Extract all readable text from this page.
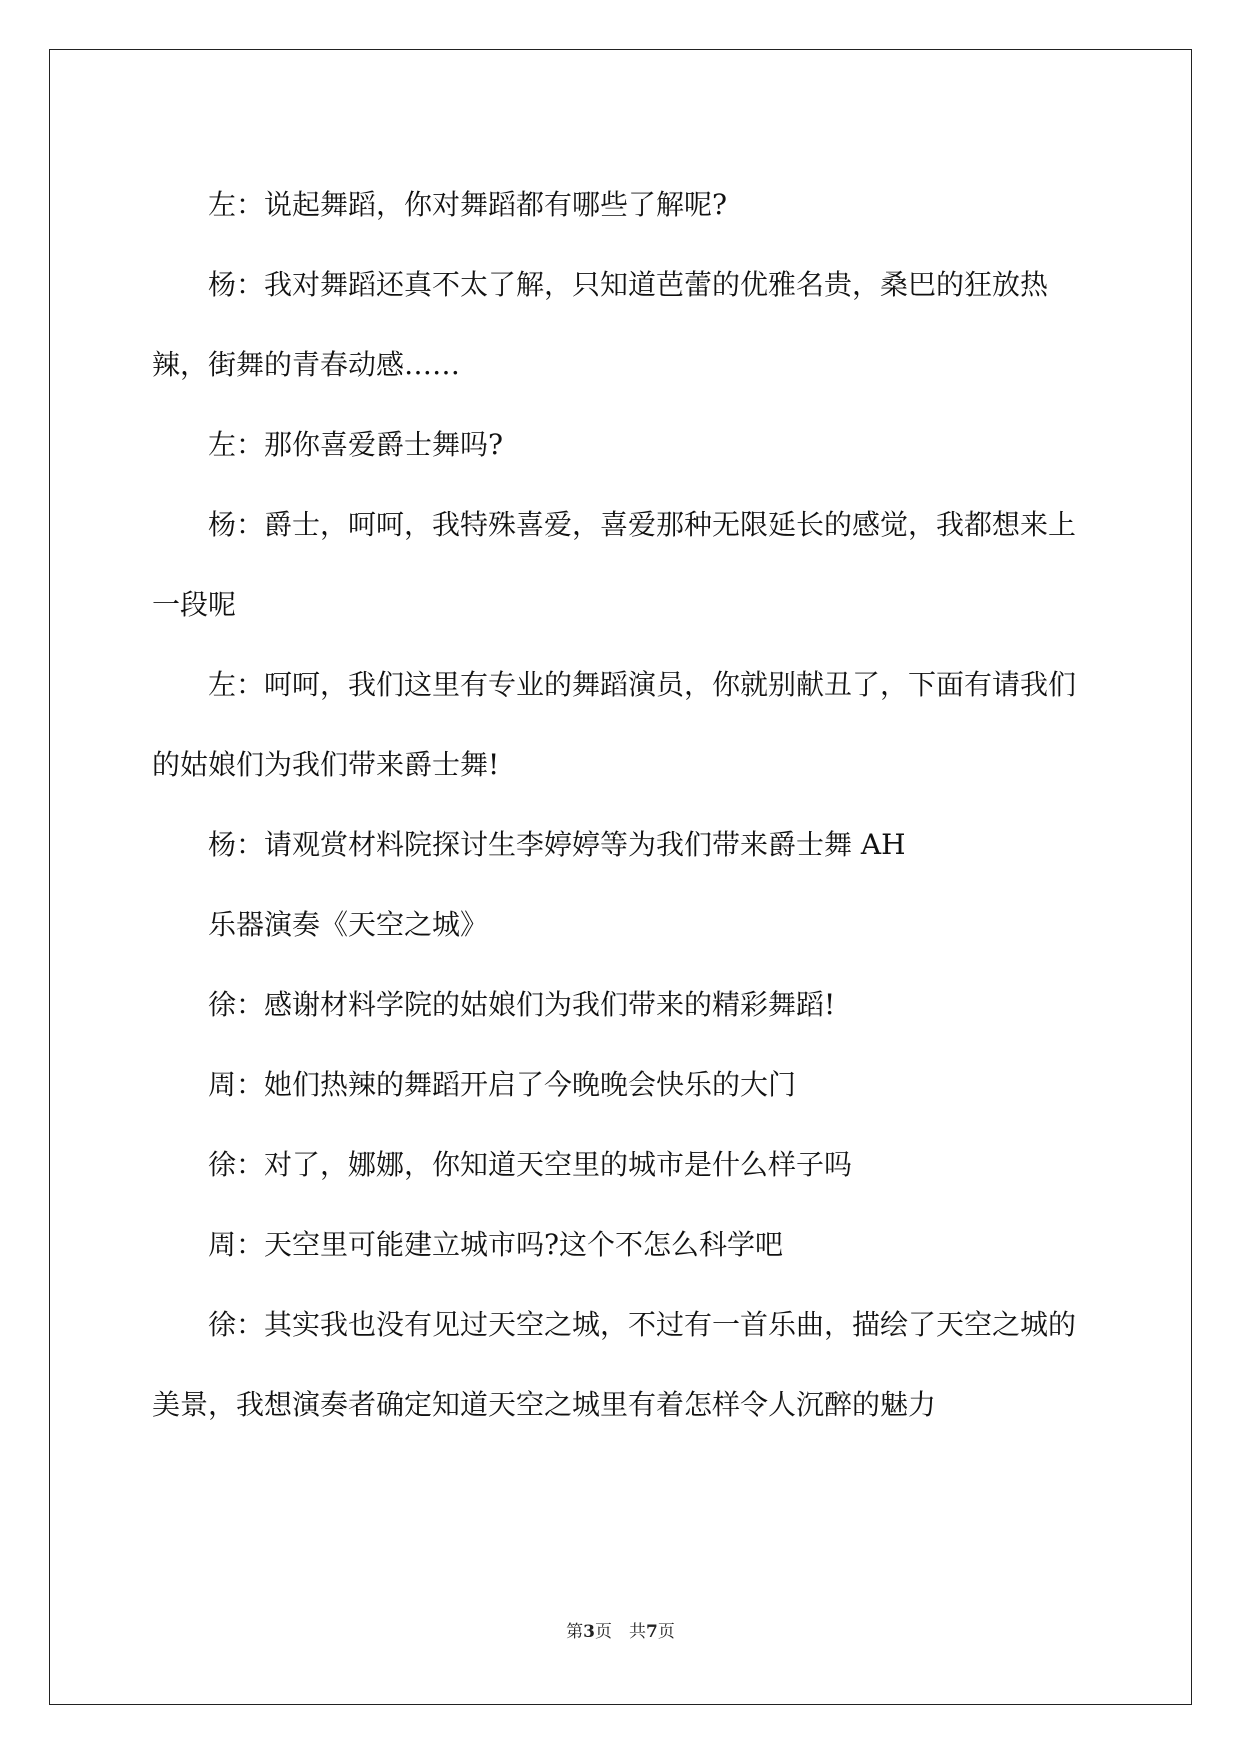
左：说起舞蹈，你对舞蹈都有哪些了解呢?

杨：我对舞蹈还真不太了解，只知道芭蕾的优雅名贵，桑巴的狂放热辣，街舞的青春动感……

左：那你喜爱爵士舞吗?

杨：爵士，呵呵，我特殊喜爱，喜爱那种无限延长的感觉，我都想来上一段呢

左：呵呵，我们这里有专业的舞蹈演员，你就别献丑了，下面有请我们的姑娘们为我们带来爵士舞!

杨：请观赏材料院探讨生李婷婷等为我们带来爵士舞 AH

乐器演奏《天空之城》

徐：感谢材料学院的姑娘们为我们带来的精彩舞蹈!

周：她们热辣的舞蹈开启了今晚晚会快乐的大门

徐：对了，娜娜，你知道天空里的城市是什么样子吗

周：天空里可能建立城市吗?这个不怎么科学吧

徐：其实我也没有见过天空之城，不过有一首乐曲，描绘了天空之城的美景，我想演奏者确定知道天空之城里有着怎样令人沉醉的魅力

第3页　共7页
